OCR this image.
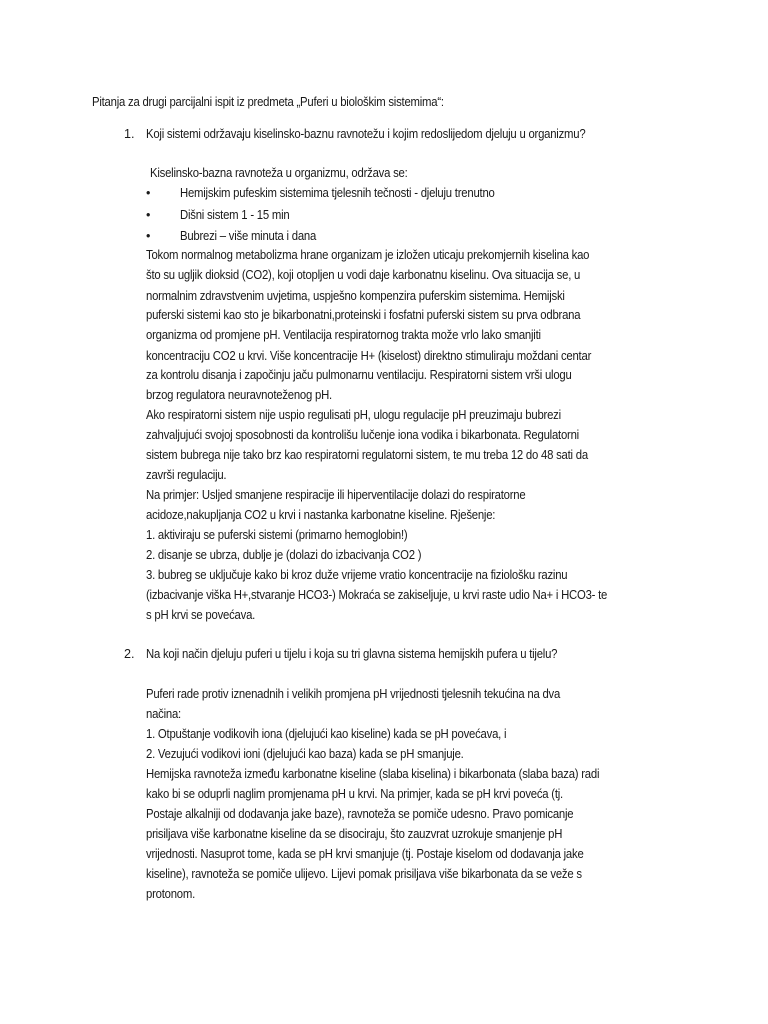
Pitanja za drugi parcijalni ispit iz predmeta „Puferi u biološkim sistemima“:
1. Koji sistemi održavaju kiselinsko-baznu ravnotežu i kojim redoslijedom djeluju u organizmu?
Kiselinsko-bazna ravnoteža u organizmu, održava se:
• Hemijskim pufeskim sistemima tjelesnih tečnosti - djeluju trenutno
• Dišni sistem 1 - 15 min
• Bubrezi – više minuta i dana
Tokom normalnog metabolizma hrane organizam je izložen uticaju prekomjernih kiselina kao
što su ugljik dioksid (CO2), koji otopljen u vodi daje karbonatnu kiselinu. Ova situacija se, u
normalnim zdravstvenim uvjetima, uspješno kompenzira puferskim sistemima. Hemijski
puferski sistemi kao sto je bikarbonatni,proteinski i fosfatni puferski sistem su prva odbrana
organizma od promjene pH. Ventilacija respiratornog trakta može vrlo lako smanjiti
koncentraciju CO2 u krvi. Više koncentracije H+ (kiselost) direktno stimuliraju moždani centar
za kontrolu disanja i započinju jaču pulmonarnu ventilaciju. Respiratorni sistem vrši ulogu
brzog regulatora neuravnoteženog pH.
Ako respiratorni sistem nije uspio regulisati pH, ulogu regulacije pH preuzimaju bubrezi
zahvaljujući svojoj sposobnosti da kontrolišu lučenje iona vodika i bikarbonata. Regulatorni
sistem bubrega nije tako brz kao respiratorni regulatorni sistem, te mu treba 12 do 48 sati da
završi regulaciju.
Na primjer: Usljed smanjene respiracije ili hiperventilacije dolazi do respiratorne
acidoze,nakupljanja CO2 u krvi i nastanka karbonatne kiseline. Rješenje:
1. aktiviraju se puferski sistemi (primarno hemoglobin!)
2. disanje se ubrza, dublje je (dolazi do izbacivanja CO2 )
3. bubreg se uključuje kako bi kroz duže vrijeme vratio koncentracije na fiziološku razinu
(izbacivanje viška H+,stvaranje HCO3-) Mokraća se zakiseljuje, u krvi raste udio Na+ i HCO3- te
s pH krvi se povećava.
2. Na koji način djeluju puferi u tijelu i koja su tri glavna sistema hemijskih pufera u tijelu?
Puferi rade protiv iznenadnih i velikih promjena pH vrijednosti tjelesnih tekućina na dva
načina:
1. Otpuštanje vodikovih iona (djelujući kao kiseline) kada se pH povećava, i
2. Vezujući vodikovi ioni (djelujući kao baza) kada se pH smanjuje.
Hemijska ravnoteža između karbonatne kiseline (slaba kiselina) i bikarbonata (slaba baza) radi
kako bi se oduprli naglim promjenama pH u krvi. Na primjer, kada se pH krvi poveća (tj.
Postaje alkalniji od dodavanja jake baze), ravnoteža se pomiče udesno. Pravo pomicanje
prisiljava više karbonatne kiseline da se disociraju, što zauzvrat uzrokuje smanjenje pH
vrijednosti. Nasuprot tome, kada se pH krvi smanjuje (tj. Postaje kiselom od dodavanja jake
kiseline), ravnoteža se pomiče ulijevo. Lijevi pomak prisiljava više bikarbonata da se veže s
protonom.
